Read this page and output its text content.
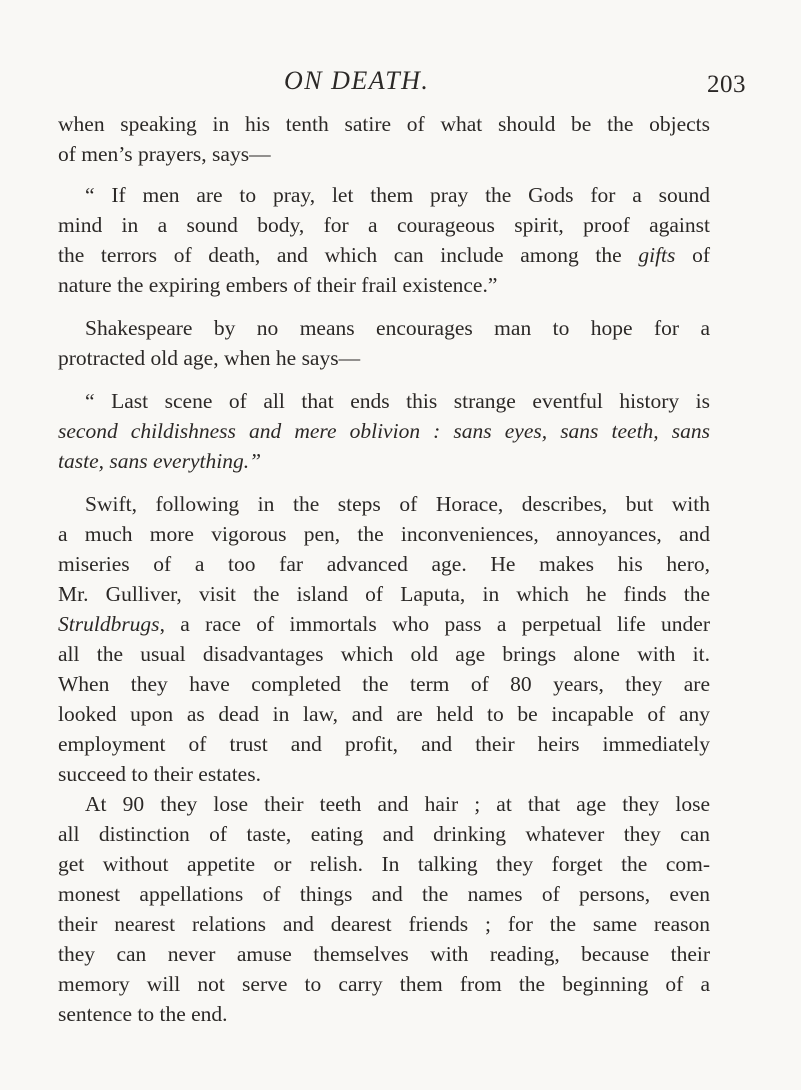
ON DEATH.	203
when speaking in his tenth satire of what should be the objects
of men’s prayers, says—
“ If men are to pray, let them pray the Gods for a sound
mind in a sound body, for a courageous spirit, proof against
the terrors of death, and which can include among the gifts of
nature the expiring embers of their frail existence.”
Shakespeare by no means encourages man to hope for a
protracted old age, when he says—
“ Last scene of all that ends this strange eventful history is
second childishness and mere oblivion : sans eyes, sans teeth, sans
taste, sans everything.”
Swift, following in the steps of Horace, describes, but with
a much more vigorous pen, the inconveniences, annoyances, and
miseries of a too far advanced age. He makes his hero,
Mr. Gulliver, visit the island of Laputa, in which he finds the
Struldbrugs, a race of immortals who pass a perpetual life under
all the usual disadvantages which old age brings alone with it.
When they have completed the term of 80 years, they are
looked upon as dead in law, and are held to be incapable of any
employment of trust and profit, and their heirs immediately
succeed to their estates.
At 90 they lose their teeth and hair ; at that age they lose
all distinction of taste, eating and drinking whatever they can
get without appetite or relish. In talking they forget the com-
monest appellations of things and the names of persons, even
their nearest relations and dearest friends ; for the same reason
they can never amuse themselves with reading, because their
memory will not serve to carry them from the beginning of a
sentence to the end.
